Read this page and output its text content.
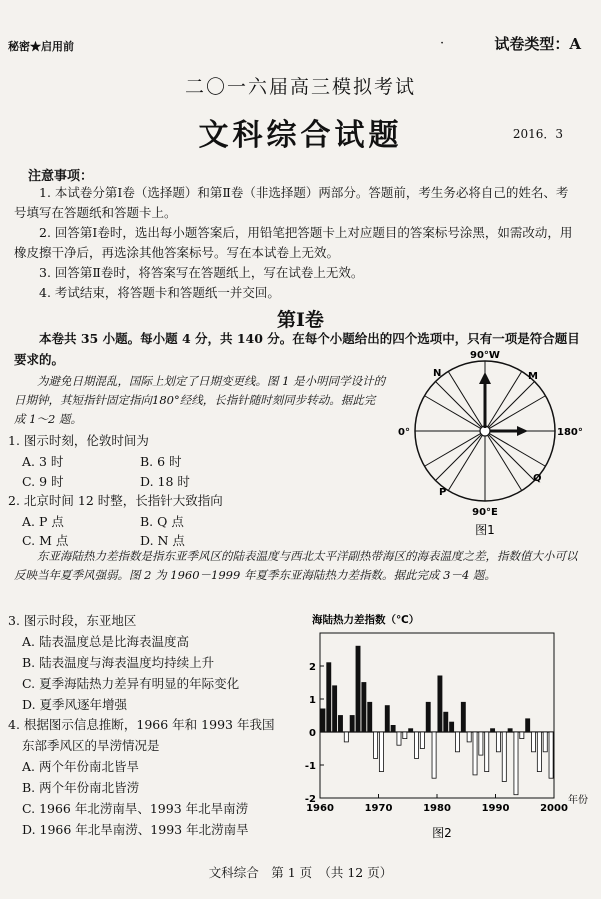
秘密★启用前	·	试卷类型：A
二〇一六届高三模拟考试
文科综合试题	2016．3
注意事项：
1. 本试卷分第Ⅰ卷（选择题）和第Ⅱ卷（非选择题）两部分。答题前，考生务必将自己的姓名、考号填写在答题纸和答题卡上。
2. 回答第Ⅰ卷时，选出每小题答案后，用铅笔把答题卡上对应题目的答案标号涂黑，如需改动，用橡皮擦干净后，再选涂其他答案标号。写在本试卷上无效。
3. 回答第Ⅱ卷时，将答案写在答题纸上，写在试卷上无效。
4. 考试结束，将答题卡和答题纸一并交回。
第Ⅰ卷
本卷共 35 小题。每小题 4 分，共 140 分。在每个小题给出的四个选项中，只有一项是符合题目要求的。
为避免日期混乱，国际上划定了日期变更线。图 1 是小明同学设计的日期钟，其短指针固定指向180°经线，长指针随时刻同步转动。据此完成 1～2 题。
1. 图示时刻，伦敦时间为
A. 3 时	B. 6 时
C. 9 时	D. 18 时
2. 北京时间 12 时整，长指针大致指向
A. P 点	B. Q 点
C. M 点	D. N 点
90°W
90°E
0°	180°
N	M
P
Q
图1
东亚海陆热力差指数是指东亚季风区的陆表温度与西北太平洋副热带海区的海表温度之差，指数值大小可以反映当年夏季风强弱。图 2 为 1960－1999 年夏季东亚海陆热力差指数。据此完成 3－4 题。
3. 图示时段，东亚地区
A. 陆表温度总是比海表温度高
B. 陆表温度与海表温度均持续上升
C. 夏季海陆热力差异有明显的年际变化
D. 夏季风逐年增强
4. 根据图示信息推断，1966 年和 1993 年我国
东部季风区的旱涝情况是
A. 两个年份南北皆旱
B. 两个年份南北皆涝
C. 1966 年北涝南旱、1993 年北旱南涝
D. 1966 年北旱南涝、1993 年北涝南旱
海陆热力差指数（℃）
2
1
0
-1
-2
1960	1970	1980	1990	2000
年份
图2
文科综合　第 1 页　（共 12 页）
